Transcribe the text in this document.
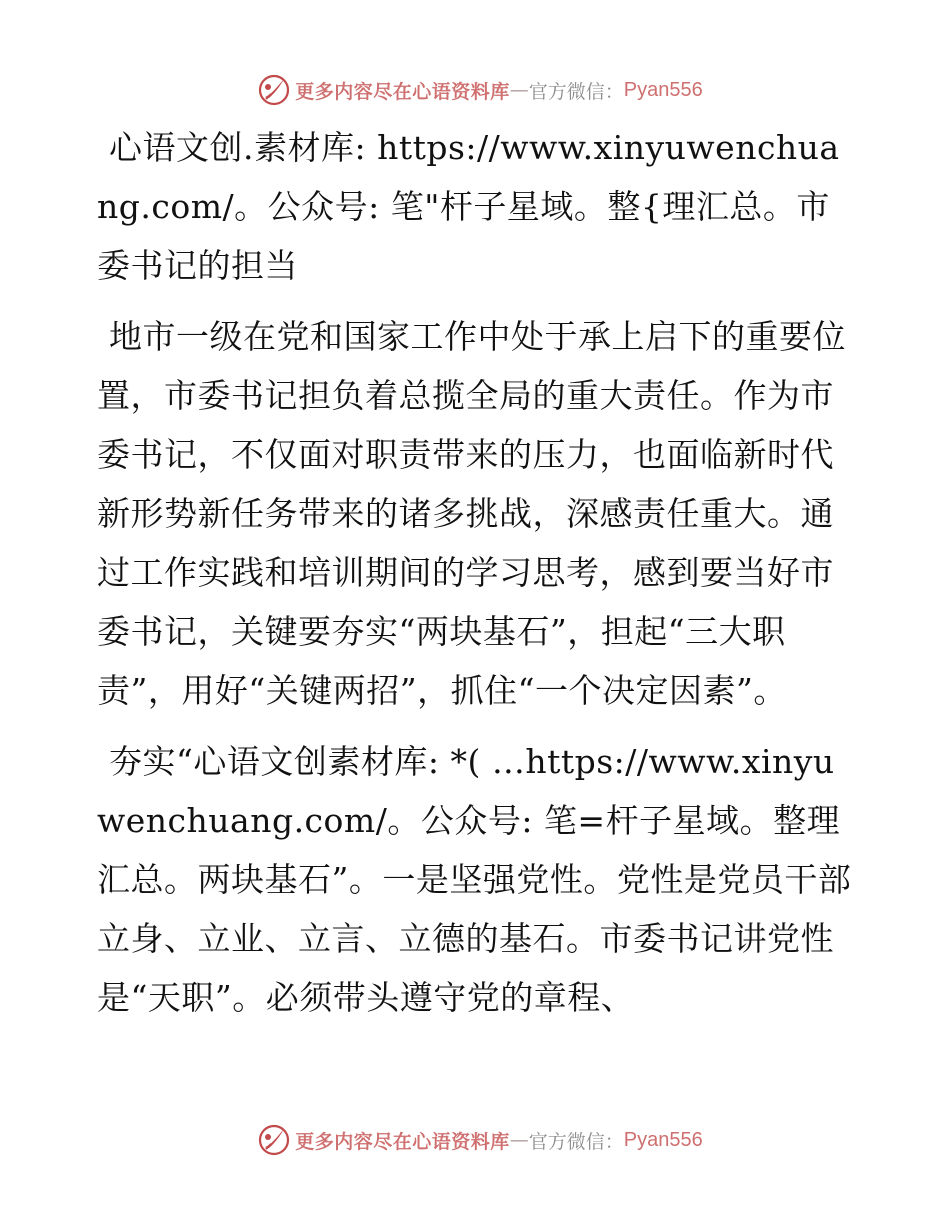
更多内容尽在心语资料库 — 官方微信： Pyan556

心语文创.素材库: https://www.xinyuwenchuang.com/。公众号: 笔"杆子星域。整{理汇总。市委书记的担当

地市一级在党和国家工作中处于承上启下的重要位置，市委书记担负着总揽全局的重大责任。作为市委书记，不仅面对职责带来的压力，也面临新时代新形势新任务带来的诸多挑战，深感责任重大。通过工作实践和培训期间的学习思考，感到要当好市委书记，关键要夯实“两块基石”，担起“三大职责”，用好“关键两招”，抓住“一个决定因素”。

夯实“心语文创素材库: *( …https://www.xinyuwenchuang.com/。公众号: 笔=杆子星域。整理汇总。两块基石”。一是坚强党性。党性是党员干部立身、立业、立言、立德的基石。市委书记讲党性是“天职”。必须带头遵守党的章程、

更多内容尽在心语资料库 — 官方微信： Pyan556
